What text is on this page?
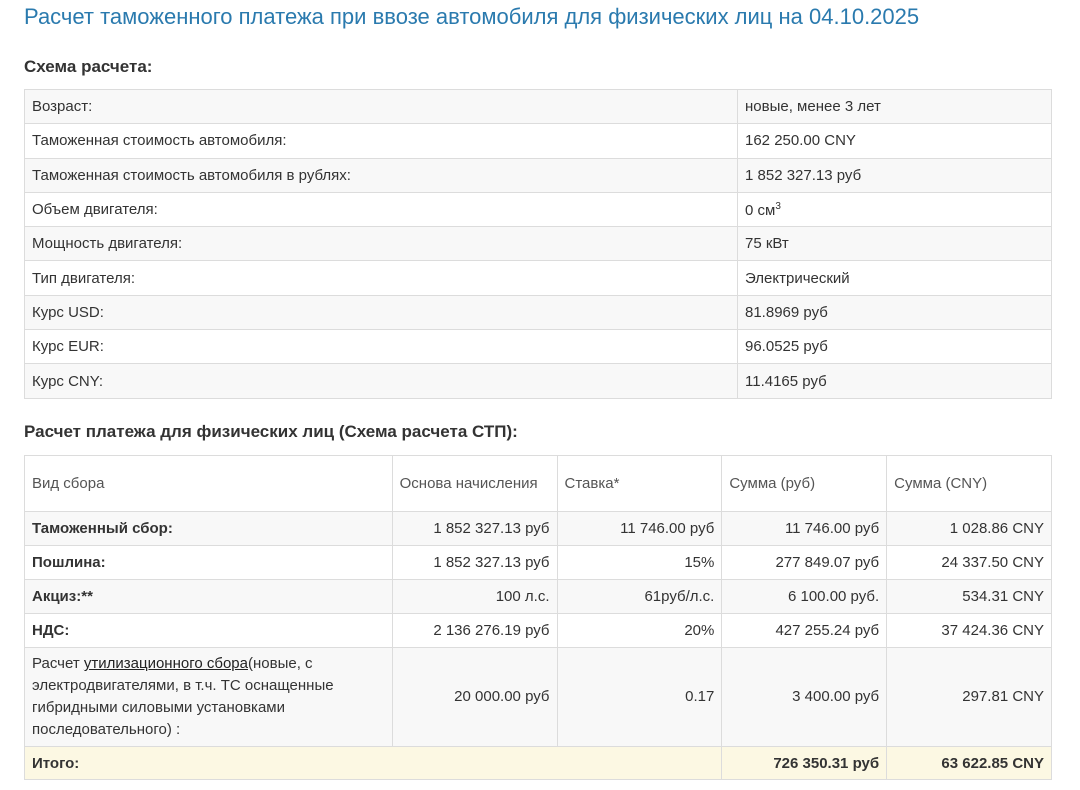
Расчет таможенного платежа при ввозе автомобиля для физических лиц на 04.10.2025
Схема расчета:
Возраст:	новые, менее 3 лет
Таможенная стоимость автомобиля:	162 250.00 CNY
Таможенная стоимость автомобиля в рублях:	1 852 327.13 руб
Объем двигателя:	0 $см^3$
Мощность двигателя:	75 кВт
Тип двигателя:	Электрический
Курс USD:	81.8969 руб
Курс EUR:	96.0525 руб
Курс CNY:	11.4165 руб
Расчет платежа для физических лиц (Схема расчета СТП):
Вид сбора	Основа начисления	Ставка*	Сумма (руб)	Сумма (CNY)
Таможенный сбор:	1 852 327.13 руб	11 746.00 руб	11 746.00 руб	1 028.86 CNY
Пошлина:	1 852 327.13 руб	15%	277 849.07 руб	24 337.50 CNY
Акциз:**	100 л.с.	61руб/л.с.	6 100.00 руб.	534.31 CNY
НДС:	2 136 276.19 руб	20%	427 255.24 руб	37 424.36 CNY
Расчет утилизационного сбора(новые, с электродвигателями, в т.ч. ТС оснащенные гибридными силовыми установками последовательного) :	20 000.00 руб	0.17	3 400.00 руб	297.81 CNY
Итого:			726 350.31 руб	63 622.85 CNY
